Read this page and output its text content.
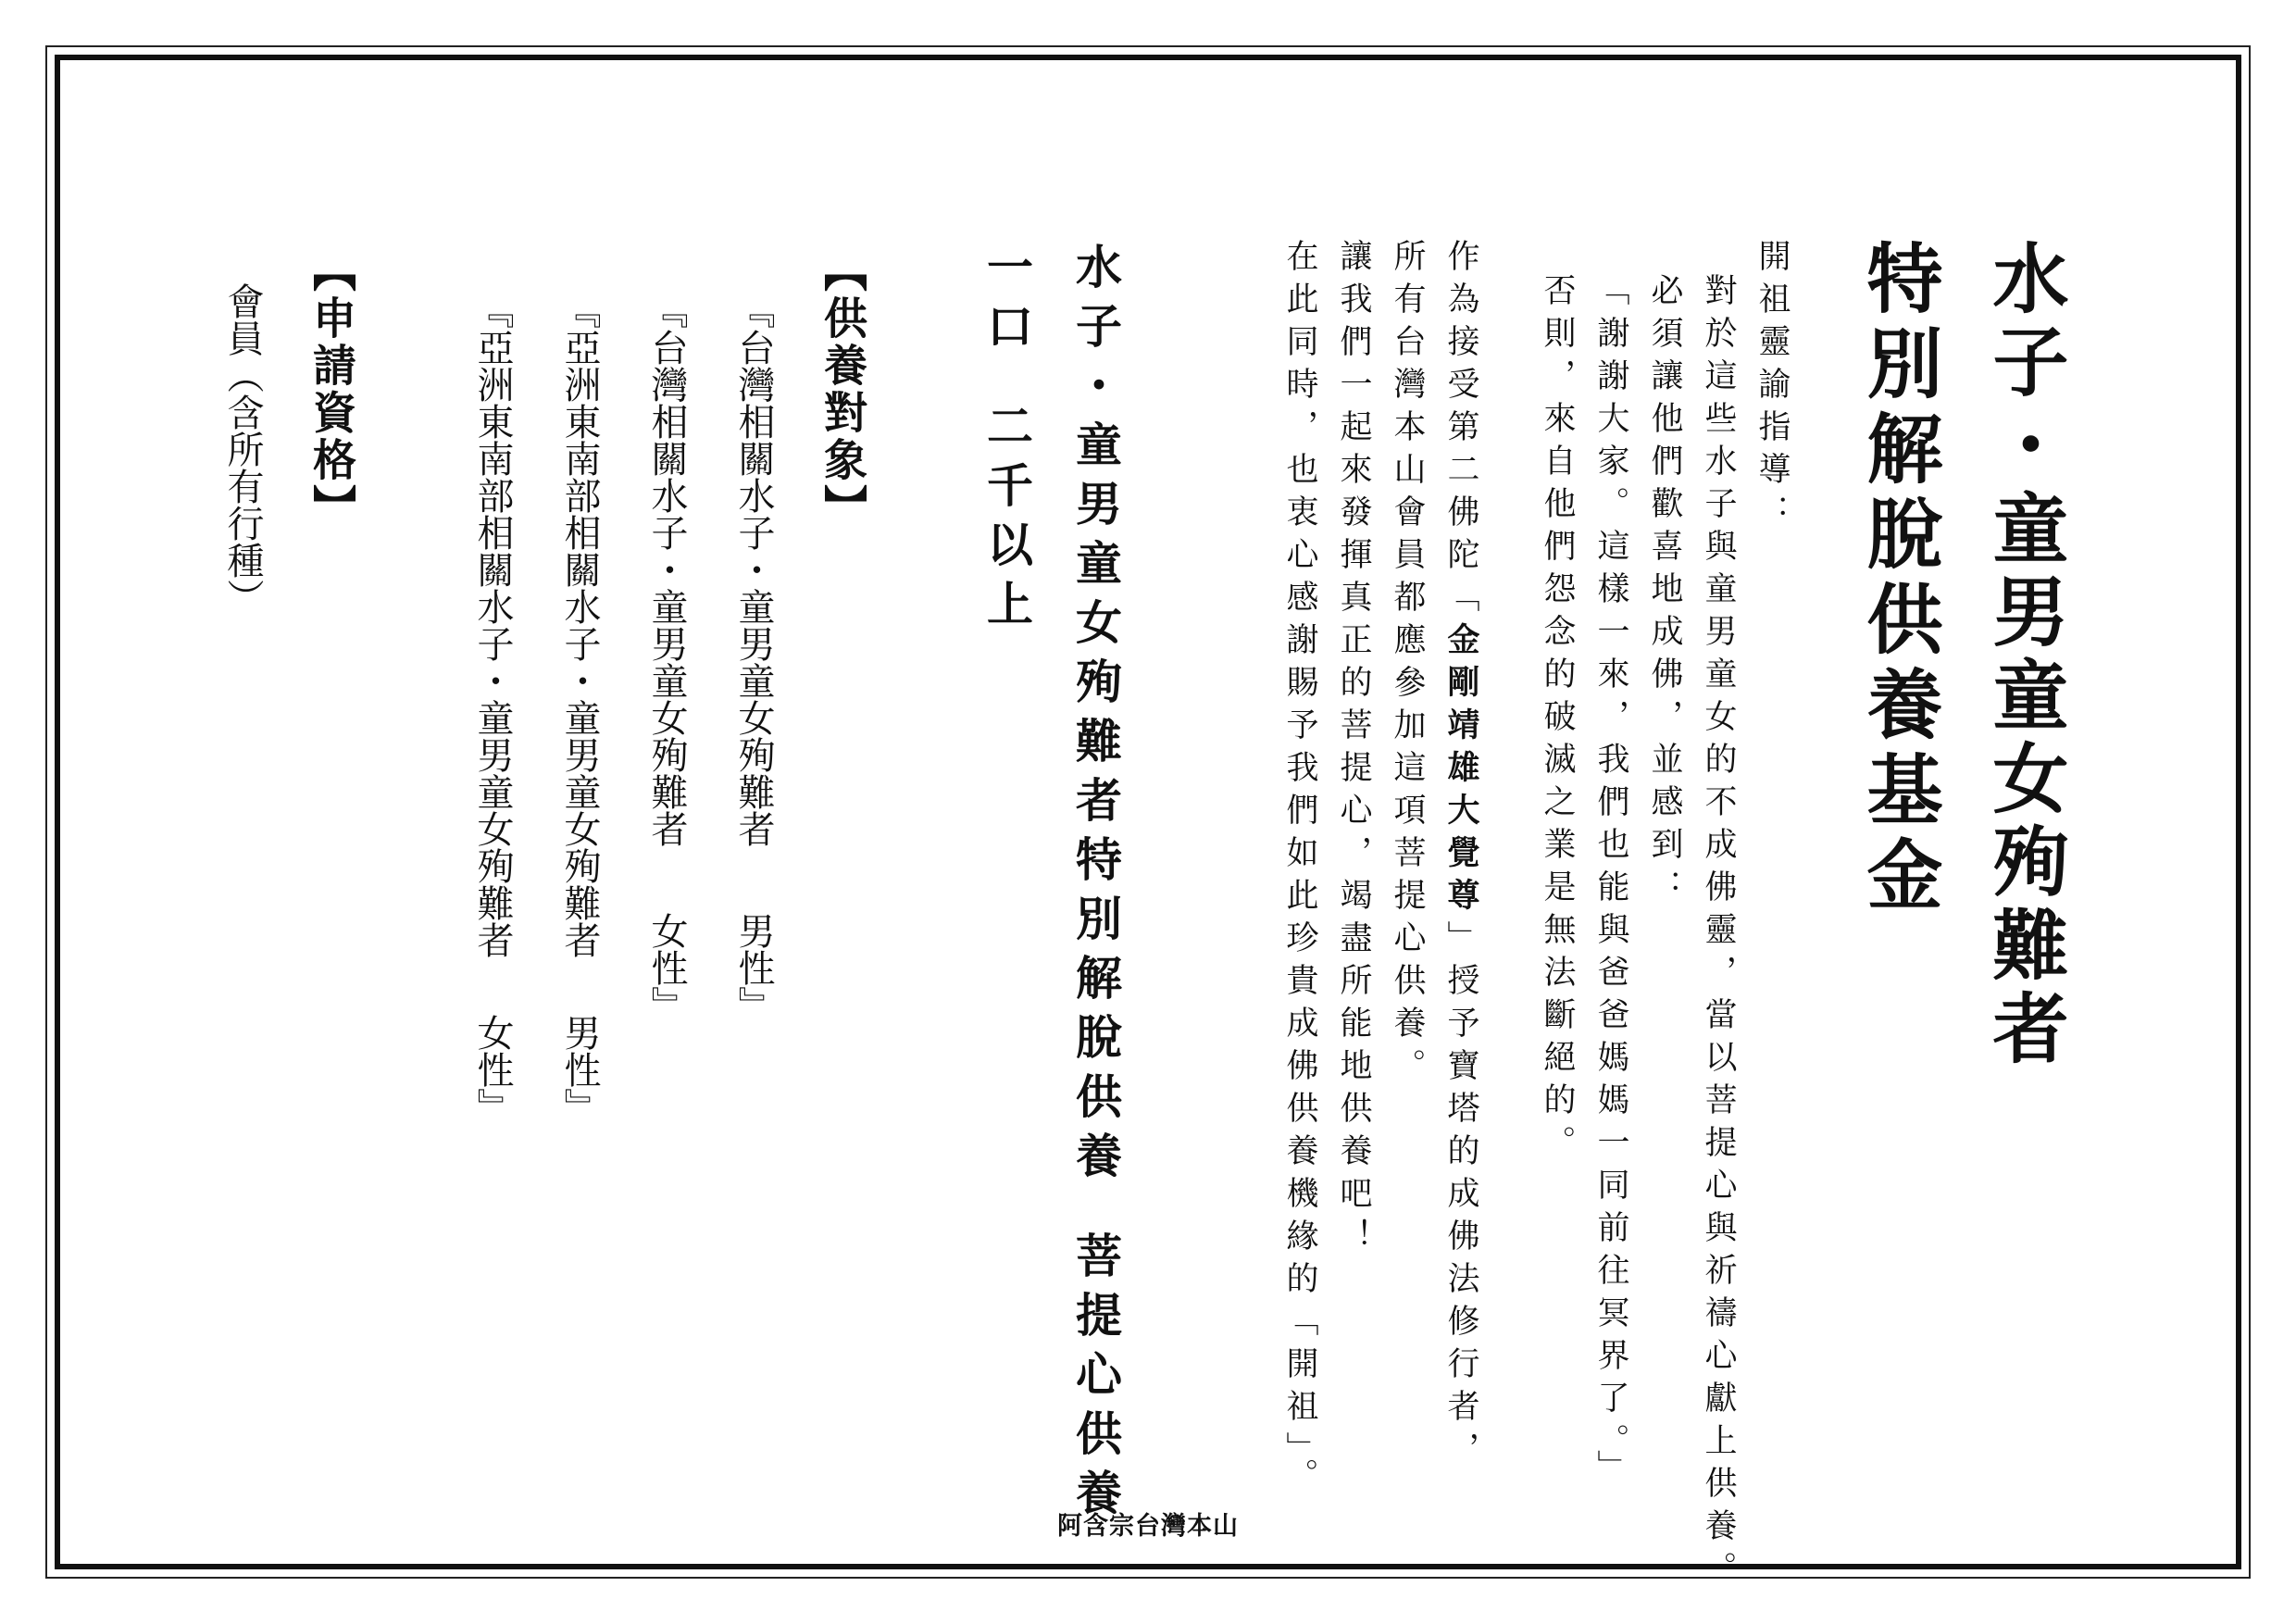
水子・童男童女殉難者
特別解脫供養基金
開祖靈諭指導：
對於這些水子與童男童女的不成佛靈，當以菩提心與祈禱心獻上供養。
必須讓他們歡喜地成佛，並感到：
「謝謝大家。這樣一來，我們也能與爸爸媽媽一同前往冥界了。」
否則，來自他們怨念的破滅之業是無法斷絕的。
作為接受第二佛陀「金剛靖雄大覺尊」授予寶塔的成佛法修行者，
所有台灣本山會員都應參加這項菩提心供養。
讓我們一起來發揮真正的菩提心，竭盡所能地供養吧！
在此同時，也衷心感謝賜予我們如此珍貴成佛供養機緣的「開祖」。
水子・童男童女殉難者特別解脫供養菩提心供養
一口二千以上
【供養對象】
『台灣相關水子・童男童女殉難者男性』
『台灣相關水子・童男童女殉難者女性』
『亞洲東南部相關水子・童男童女殉難者男性』
『亞洲東南部相關水子・童男童女殉難者女性』
【申請資格】
會員（含所有行種）
阿含宗台灣本山
